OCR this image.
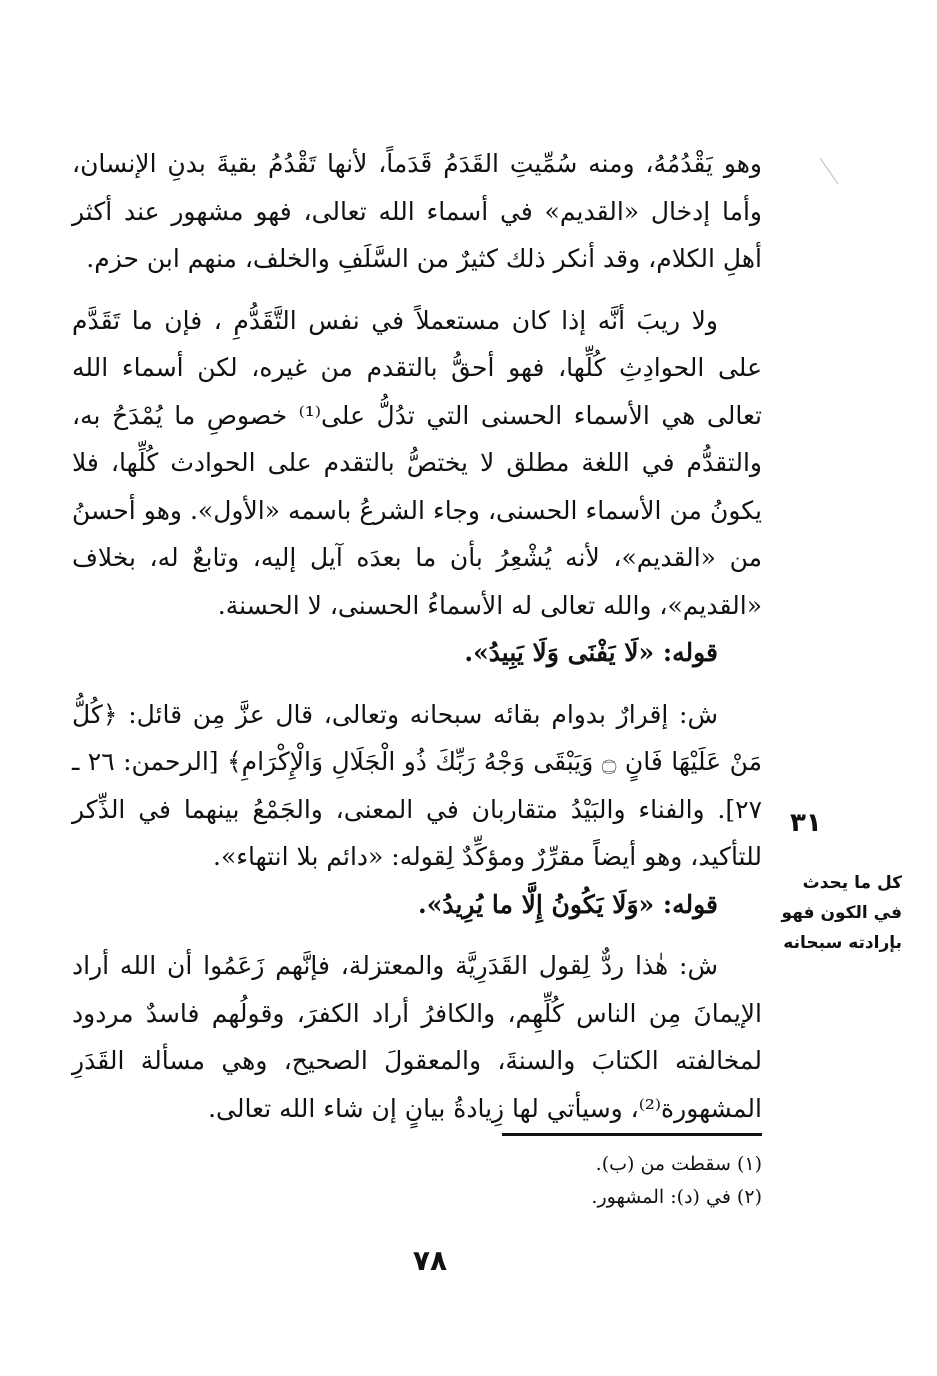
وهو يَقْدُمُهُ، ومنه سُمِّيتِ القَدَمُ قَدَماً، لأنها تَقْدُمُ بقيةَ بدنِ الإنسان، وأما إدخال «القديم» في أسماء الله تعالى، فهو مشهور عند أكثر أهلِ الكلام، وقد أنكر ذلك كثيرٌ من السَّلَفِ والخلف، منهم ابن حزم.

ولا ريبَ أنَّه إذا كان مستعملاً في نفس التَّقَدُّمِ ، فإن ما تَقَدَّم على الحوادِثِ كُلِّها، فهو أحقُّ بالتقدم من غيره، لكن أسماء الله تعالى هي الأسماء الحسنى التي تدُلُّ على⁽¹⁾ خصوصِ ما يُمْدَحُ به، والتقدُّم في اللغة مطلق لا يختصُّ بالتقدم على الحوادث كُلِّها، فلا يكونُ من الأسماء الحسنى، وجاء الشرعُ باسمه «الأول». وهو أحسنُ من «القديم»، لأنه يُشْعِرُ بأن ما بعدَه آيل إليه، وتابعٌ له، بخلاف «القديم»، والله تعالى له الأسماءُ الحسنى، لا الحسنة.

قوله: «لَا يَفْنَى وَلَا يَبِيدُ».

ش: إقرارٌ بدوام بقائه سبحانه وتعالى، قال عزَّ مِن قائل: ﴿كُلُّ مَنْ عَلَيْهَا فَانٍ ۝ وَيَبْقَى وَجْهُ رَبِّكَ ذُو الْجَلَالِ وَالْإِكْرَامِ﴾ [الرحمن: ٢٦ ـ ٢٧]. والفناء والبَيْدُ متقاربان في المعنى، والجَمْعُ بينهما في الذِّكر للتأكيد، وهو أيضاً مقرِّرٌ ومؤكِّدٌ لِقوله: «دائم بلا انتهاء».

قوله: «وَلَا يَكُونُ إِلَّا ما يُرِيدُ».

ش: هٰذا ردٌّ لِقول القَدَرِيَّة والمعتزلة، فإنَّهم زَعَمُوا أن الله أراد الإيمانَ مِن الناس كُلِّهِم، والكافرُ أراد الكفرَ، وقولُهم فاسدٌ مردود لمخالفته الكتابَ والسنةَ، والمعقولَ الصحيح، وهي مسألة القَدَرِ المشهورة⁽²⁾، وسيأتي لها زِيادةُ بيانٍ إن شاء الله تعالى.

٣١
كل ما يحدث في الكون فهو بإرادته سبحانه
(١) سقطت من (ب).
(٢) في (د): المشهور.
٧٨
